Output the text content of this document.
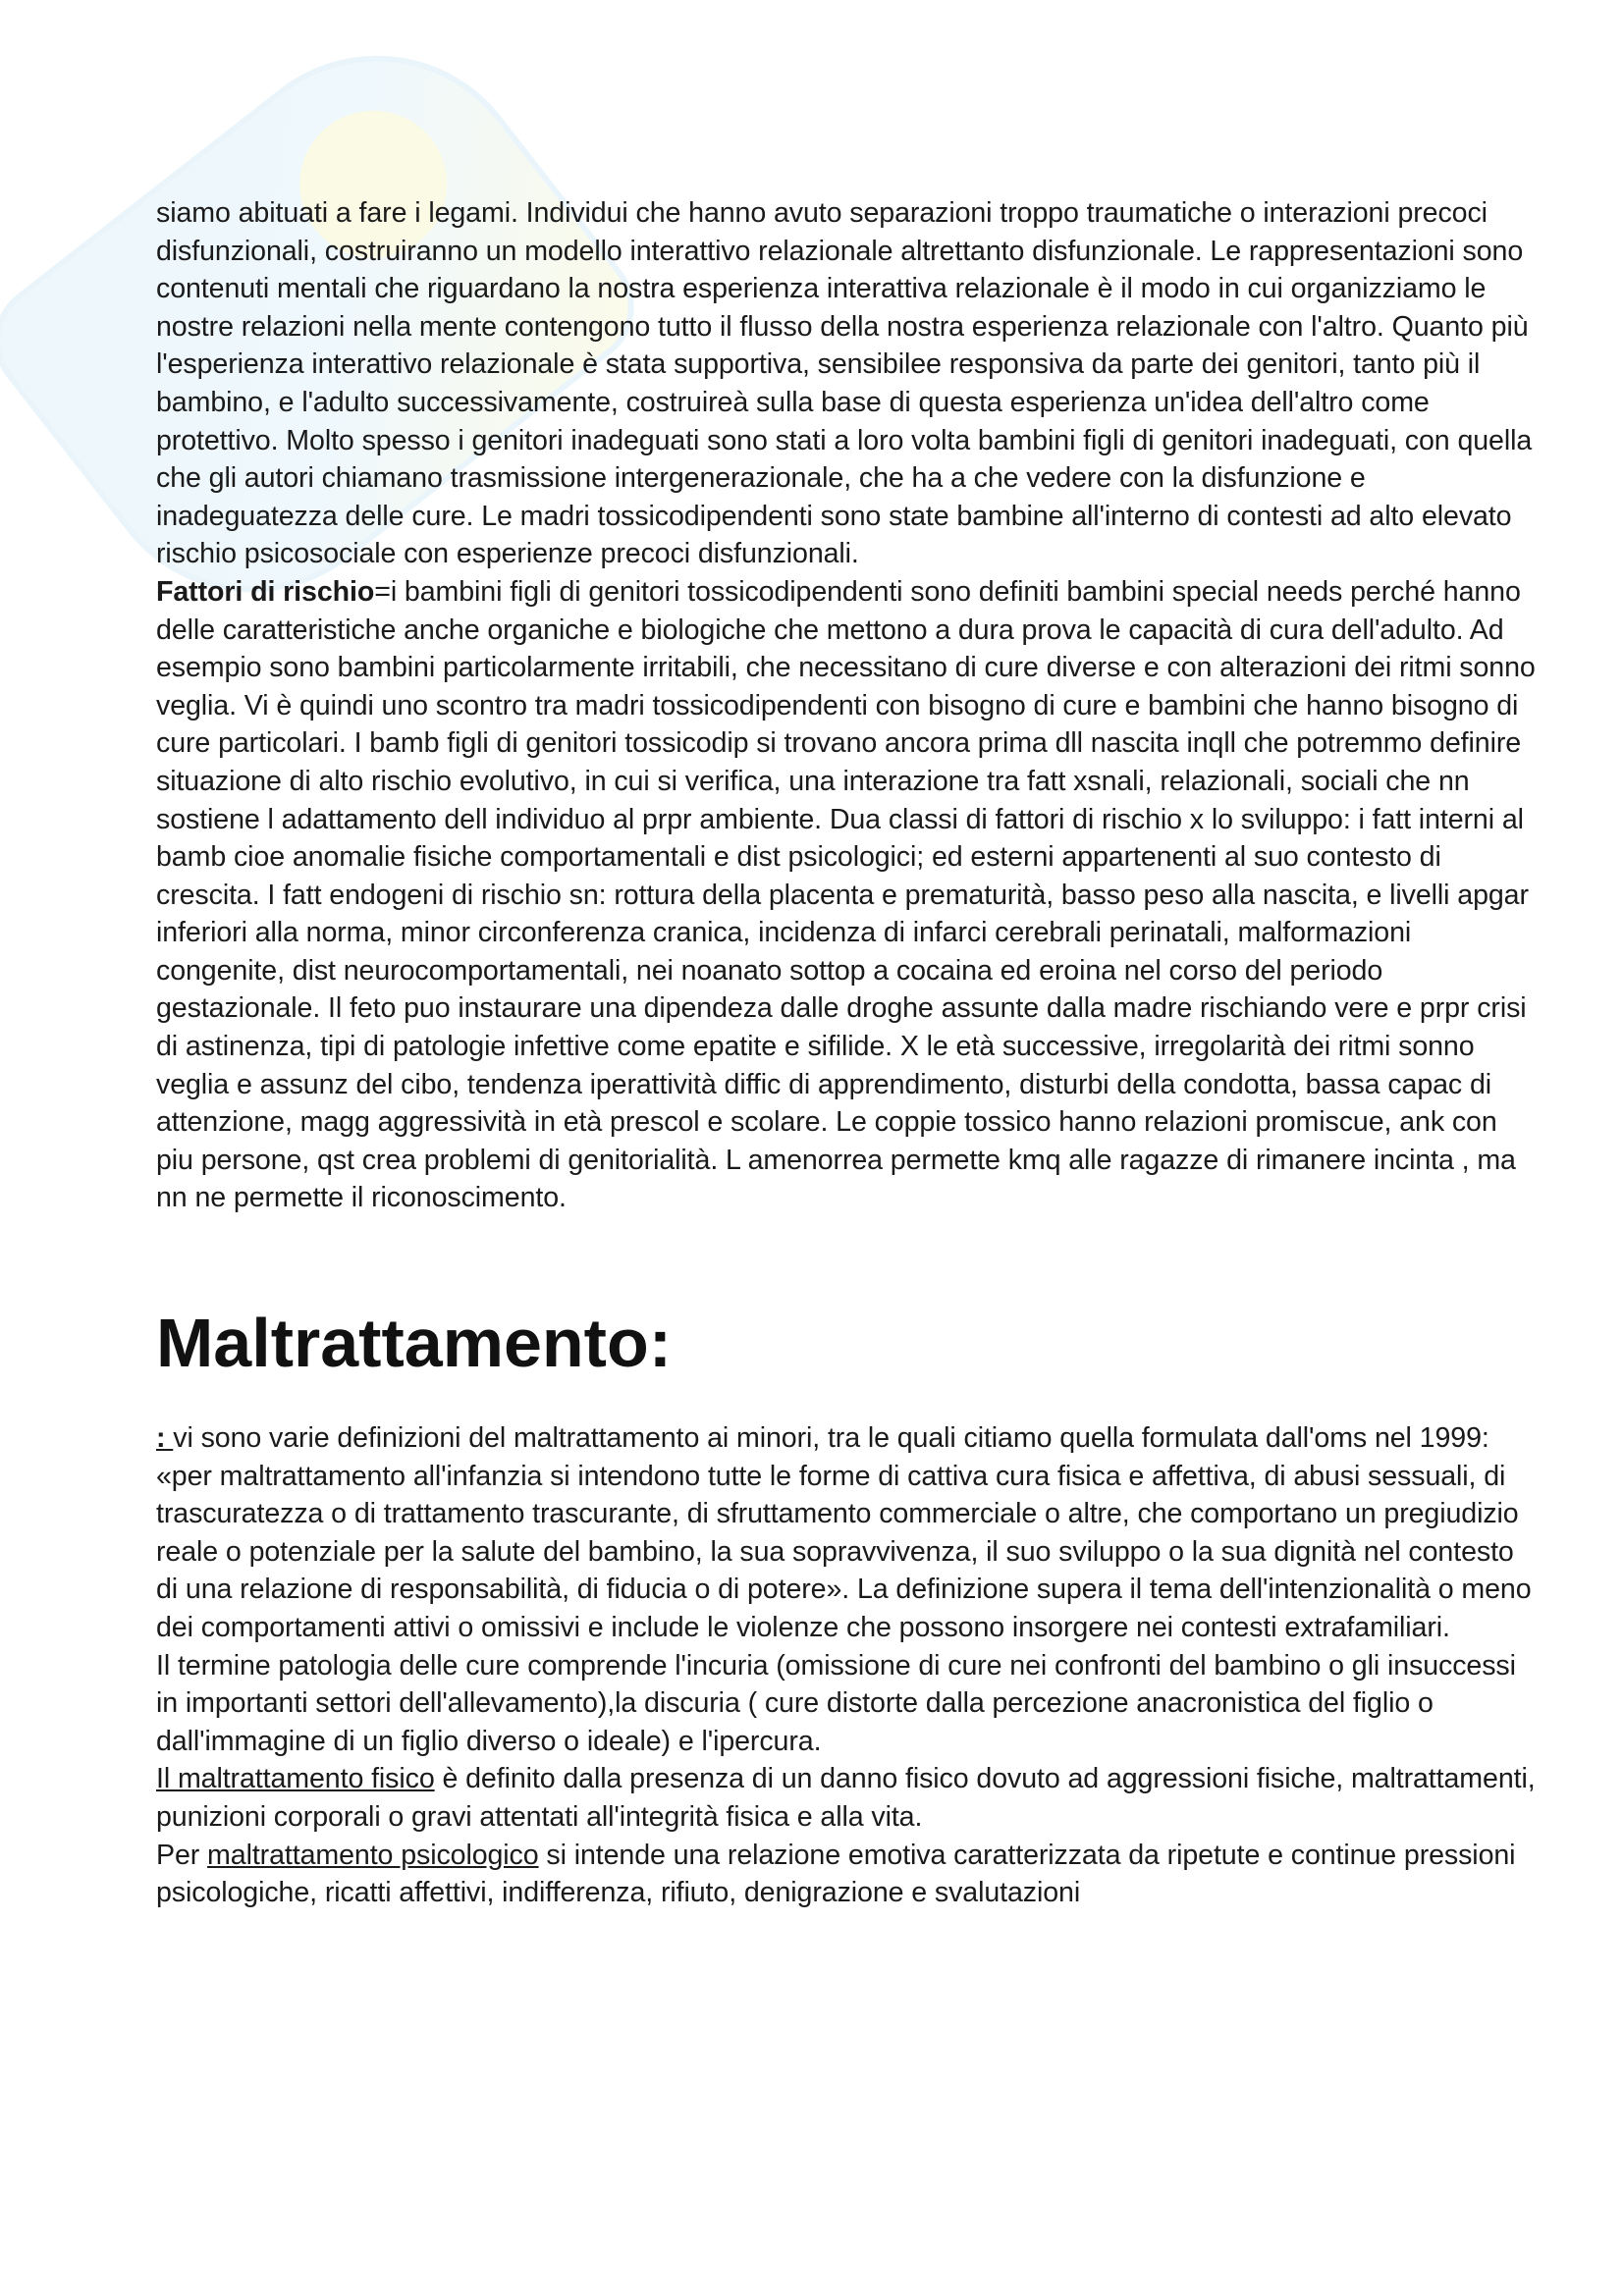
siamo abituati a fare i legami. Individui che hanno avuto separazioni troppo traumatiche o interazioni precoci disfunzionali, costruiranno un modello interattivo relazionale altrettanto disfunzionale. Le rappresentazioni sono contenuti mentali che riguardano la nostra esperienza interattiva relazionale è il modo in cui organizziamo le nostre relazioni nella mente contengono tutto il flusso della nostra esperienza relazionale con l'altro. Quanto più l'esperienza interattivo relazionale è stata supportiva, sensibilee responsiva da parte dei genitori, tanto più il bambino, e l'adulto successivamente, costruireà sulla base di questa esperienza un'idea dell'altro come protettivo. Molto spesso i genitori inadeguati sono stati a loro volta bambini figli di genitori inadeguati, con quella che gli autori chiamano trasmissione intergenerazionale, che ha a che vedere con la disfunzione e inadeguatezza delle cure. Le madri tossicodipendenti sono state bambine all'interno di contesti ad alto elevato rischio psicosociale con esperienze precoci disfunzionali.

Fattori di rischio=i bambini figli di genitori tossicodipendenti sono definiti bambini special needs perché hanno delle caratteristiche anche organiche e biologiche che mettono a dura prova le capacità di cura dell'adulto. Ad esempio sono bambini particolarmente irritabili, che necessitano di cure diverse e con alterazioni dei ritmi sonno veglia. Vi è quindi uno scontro tra madri tossicodipendenti con bisogno di cure e bambini che hanno bisogno di cure particolari. I bamb figli di genitori tossicodip si trovano ancora prima dll nascita inqll che potremmo definire situazione di alto rischio evolutivo, in cui si verifica, una interazione tra fatt xsnali, relazionali, sociali che nn sostiene l adattamento dell individuo al prpr ambiente. Dua classi di fattori di rischio x lo sviluppo: i fatt interni al bamb cioe anomalie fisiche comportamentali e dist psicologici; ed esterni appartenenti al suo contesto di crescita. I fatt endogeni di rischio sn: rottura della placenta e prematurità, basso peso alla nascita, e livelli apgar inferiori alla norma, minor circonferenza cranica, incidenza di infarci cerebrali perinatali, malformazioni congenite, dist neurocomportamentali, nei noanato sottop a cocaina ed eroina nel corso del periodo gestazionale. Il feto puo instaurare una dipendeza dalle droghe assunte dalla madre rischiando vere e prpr crisi di astinenza, tipi di patologie infettive come epatite e sifilide. X le età successive, irregolarità dei ritmi sonno veglia e assunz del cibo, tendenza iperattività diffic di apprendimento, disturbi della condotta, bassa capac di attenzione, magg aggressività in età prescol e scolare. Le coppie tossico hanno relazioni promiscue, ank con piu persone, qst crea problemi di genitorialità. L amenorrea permette kmq alle ragazze di rimanere incinta , ma nn ne permette il riconoscimento.

Maltrattamento:

: vi sono varie definizioni del maltrattamento ai minori, tra le quali citiamo quella formulata dall'oms nel 1999: «per maltrattamento all'infanzia si intendono tutte le forme di cattiva cura fisica e affettiva, di abusi sessuali, di trascuratezza o di trattamento trascurante, di sfruttamento commerciale o altre, che comportano un pregiudizio reale o potenziale per la salute del bambino, la sua sopravvivenza, il suo sviluppo o la sua dignità nel contesto di una relazione di responsabilità, di fiducia o di potere». La definizione supera il tema dell'intenzionalità o meno dei comportamenti attivi o omissivi e include le violenze che possono insorgere nei contesti extrafamiliari.

Il termine patologia delle cure comprende l'incuria (omissione di cure nei confronti del bambino o gli insuccessi in importanti settori dell'allevamento),la discuria ( cure distorte dalla percezione anacronistica del figlio o dall'immagine di un figlio diverso o ideale) e l'ipercura.

Il maltrattamento fisico è definito dalla presenza di un danno fisico dovuto ad aggressioni fisiche, maltrattamenti, punizioni corporali o gravi attentati all'integrità fisica e alla vita.

Per maltrattamento psicologico si intende una relazione emotiva caratterizzata da ripetute e continue pressioni psicologiche, ricatti affettivi, indifferenza, rifiuto, denigrazione e svalutazioni
